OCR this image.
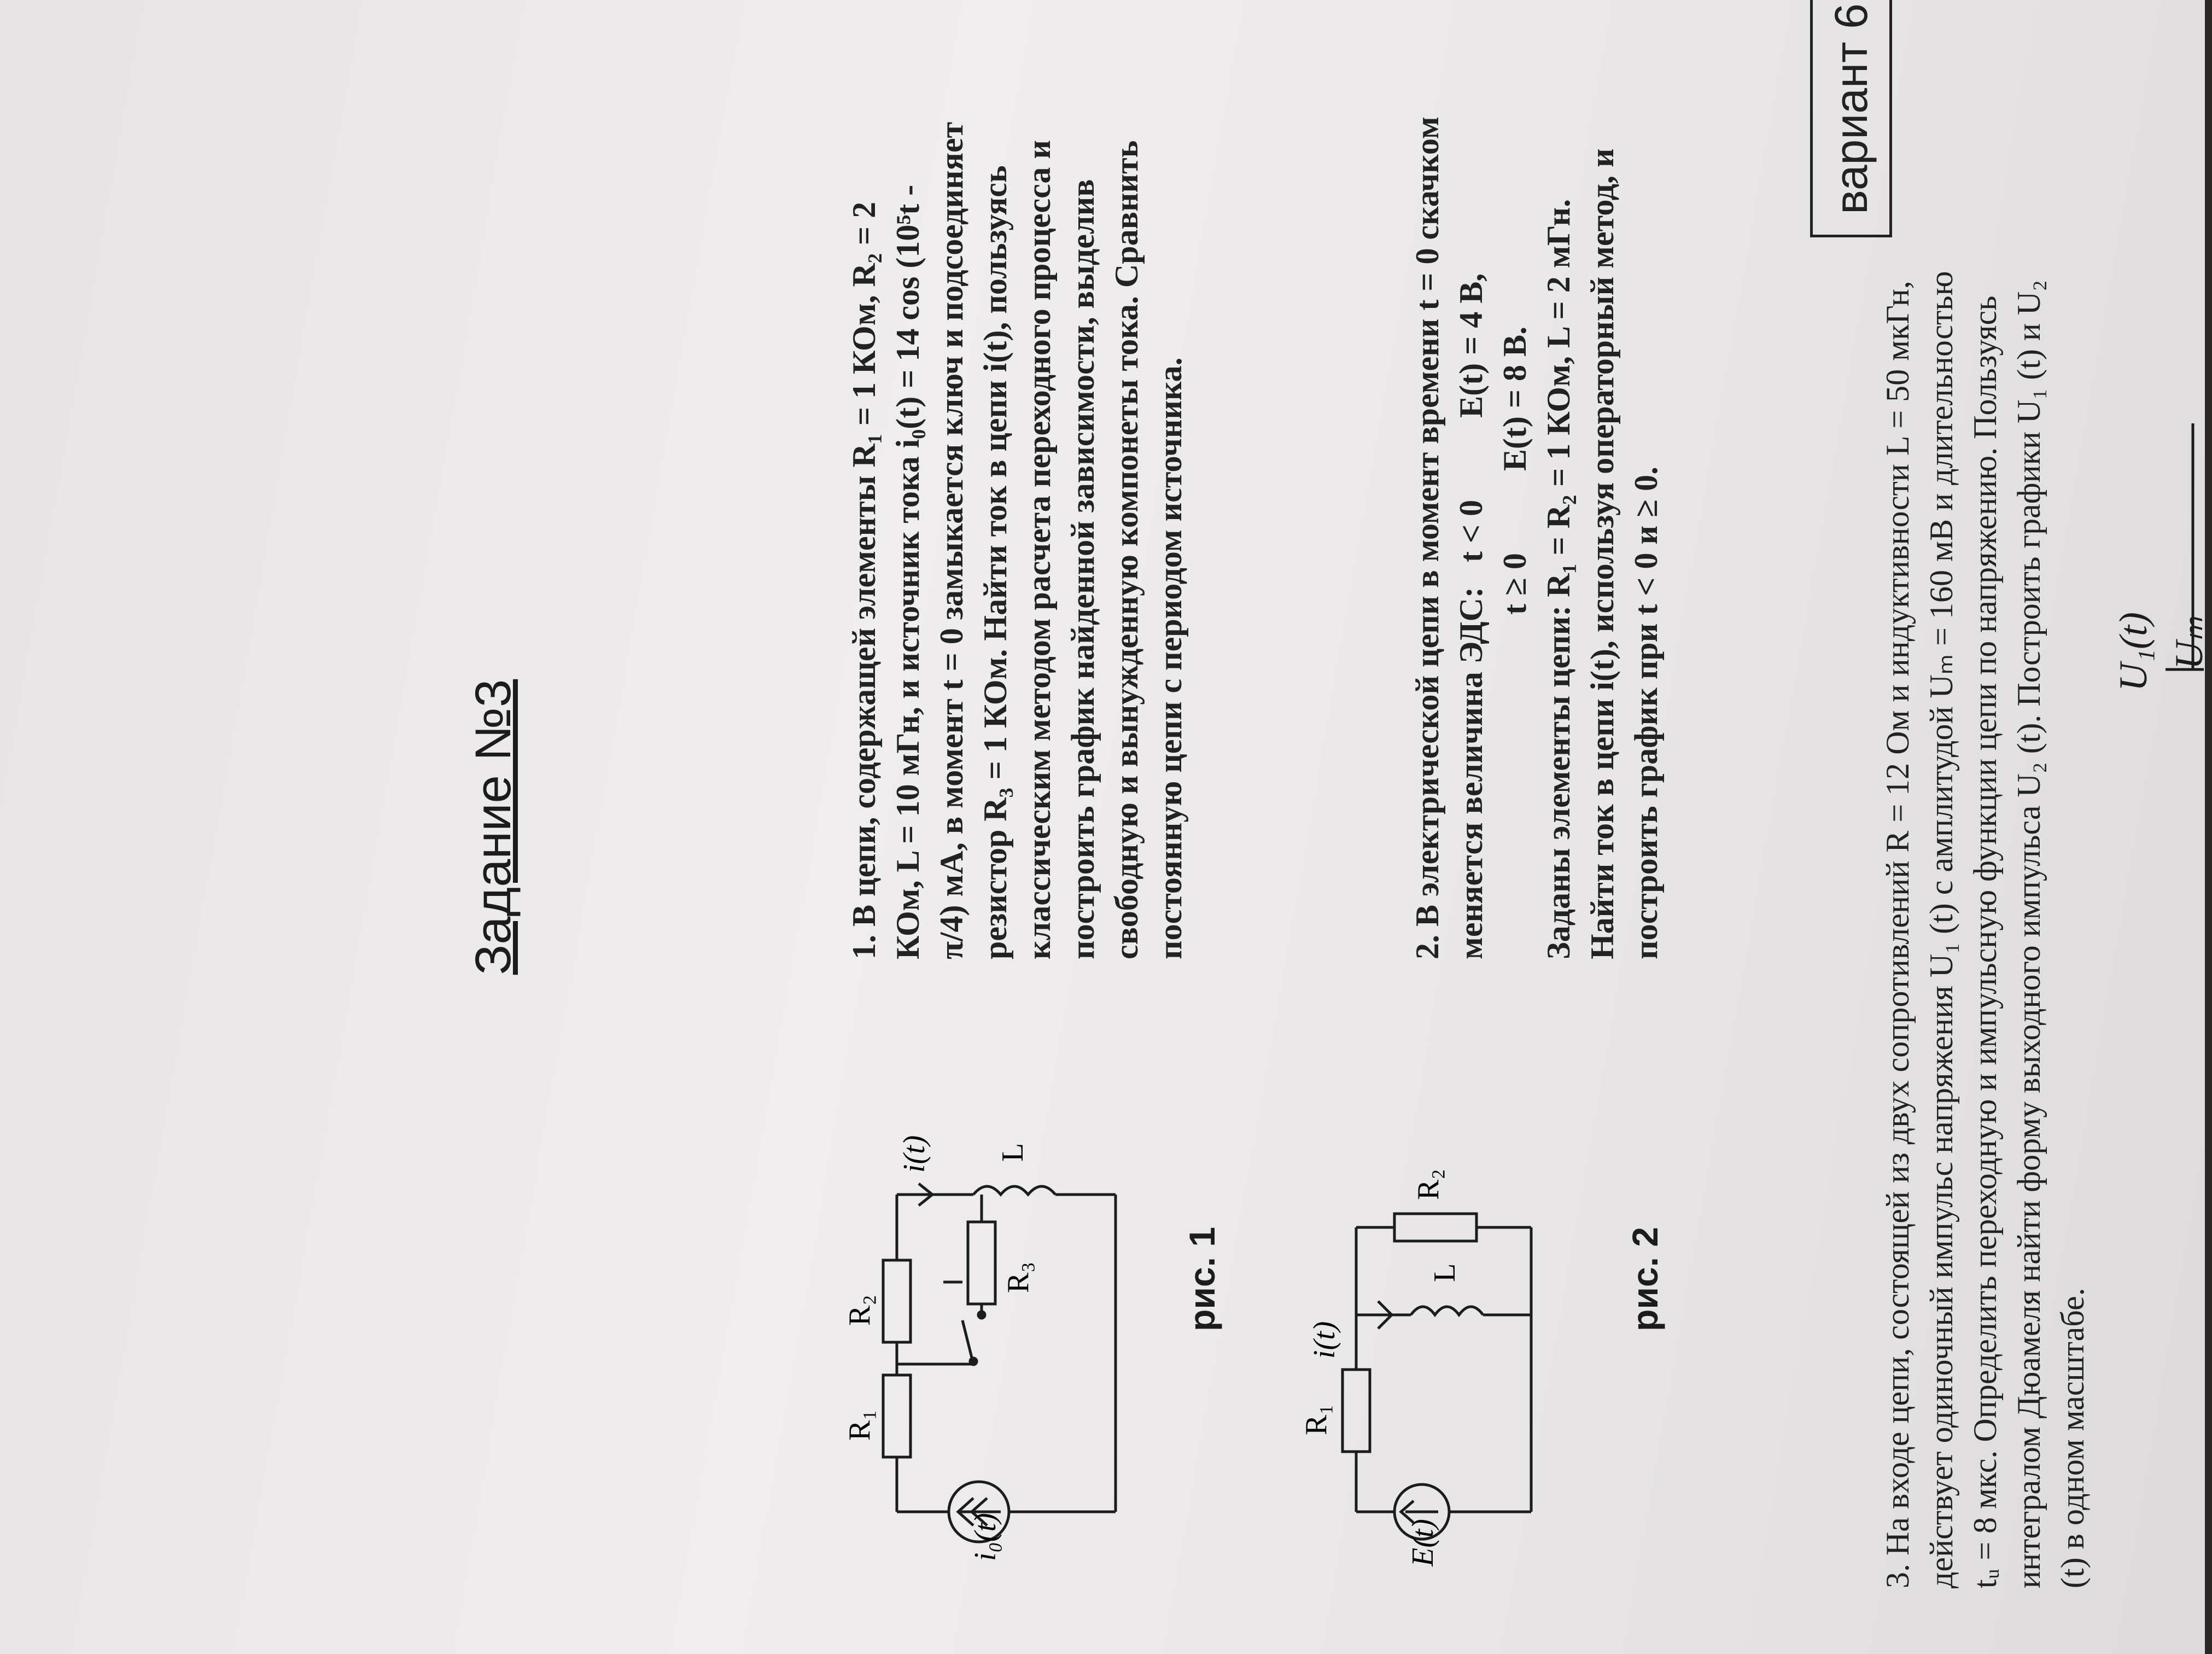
вариант 6
Задание №3
i₀(t)
R₁
R₂
R₃
L
i(t)
рис. 1
1. В цепи, содержащей элементы R₁ = 1 КОм, R₂ = 2 КОм, L = 10 мГн, и источник тока i₀(t) = 14 cos (10⁵t - π/4) мА, в момент t = 0 замыкается ключ и подсоединяет резистор R₃ = 1 КОм. Найти ток в цепи i(t), пользуясь классическим методом расчета переходного процесса и построить график найденной зависимости, выделив свободную и вынужденную компонеты тока. Сравнить постоянную цепи с периодом источника.
E(t)
R₁
R₂
L
i(t)
рис. 2
2. В электрической цепи в момент времени t = 0 скачком меняется величина ЭДС:   t < 0          E(t) = 4 В, t ≥ 0          E(t) = 8 В. Заданы элементы цепи: R₁ = R₂ = 1 КОм, L = 2 мГн. Найти ток в цепи i(t), используя операторный метод, и построить график при t < 0 и ≥ 0.	3. На входе цепи, состоящей из двух сопротивлений R = 12 Ом и индуктивности L = 50 мкГн, действует одиночный импульс напряжения U₁ (t) с амплитудой Uₘ = 160 мВ и длительностью tᵤ = 8 мкс. Определить переходную и импульсную функции цепи по напряжению. Пользуясь интегралом Дюамеля найти форму выходного импульса U₂ (t). Построить графики U₁ (t) и U₂ (t) в одном масштабе.
U₁(t) Uₘ
